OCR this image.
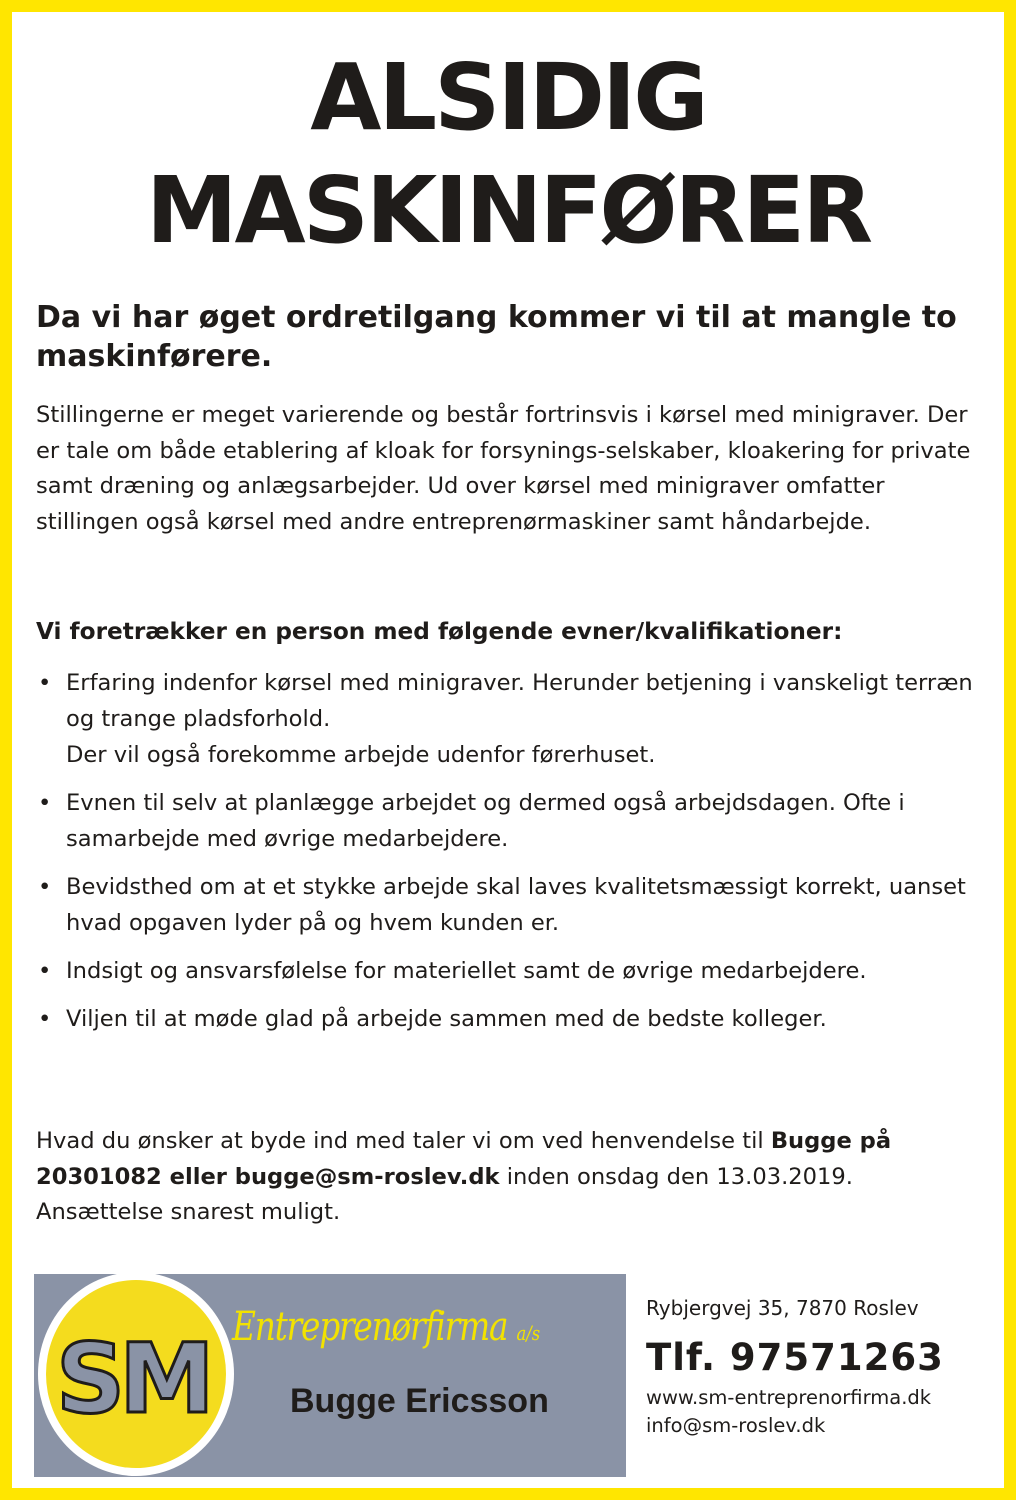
ALSIDIG
MASKINFØRER

Da vi har øget ordretilgang kommer vi til at mangle to maskinførere.

Stillingerne er meget varierende og består fortrinsvis i kørsel med minigraver. Der er tale om både etablering af kloak for forsynings-selskaber, kloakering for private samt dræning og anlægsarbejder. Ud over kørsel med minigraver omfatter stillingen også kørsel med andre entreprenørmaskiner samt håndarbejde.

Vi foretrækker en person med følgende evner/kvalifikationer:

• Erfaring indenfor kørsel med minigraver. Herunder betjening i vanskeligt terræn og trange pladsforhold.
Der vil også forekomme arbejde udenfor førerhuset.
• Evnen til selv at planlægge arbejdet og dermed også arbejdsdagen. Ofte i samarbejde med øvrige medarbejdere.
• Bevidsthed om at et stykke arbejde skal laves kvalitetsmæssigt korrekt, uanset hvad opgaven lyder på og hvem kunden er.
• Indsigt og ansvarsfølelse for materiellet samt de øvrige medarbejdere.
• Viljen til at møde glad på arbejde sammen med de bedste kolleger.

Hvad du ønsker at byde ind med taler vi om ved henvendelse til Bugge på 20301082 eller bugge@sm-roslev.dk inden onsdag den 13.03.2019. Ansættelse snarest muligt.

SM Entreprenørfirma a/s
Bugge Ericsson
Rybjergvej 35, 7870 Roslev
Tlf. 97571263
www.sm-entreprenorfirma.dk
info@sm-roslev.dk
